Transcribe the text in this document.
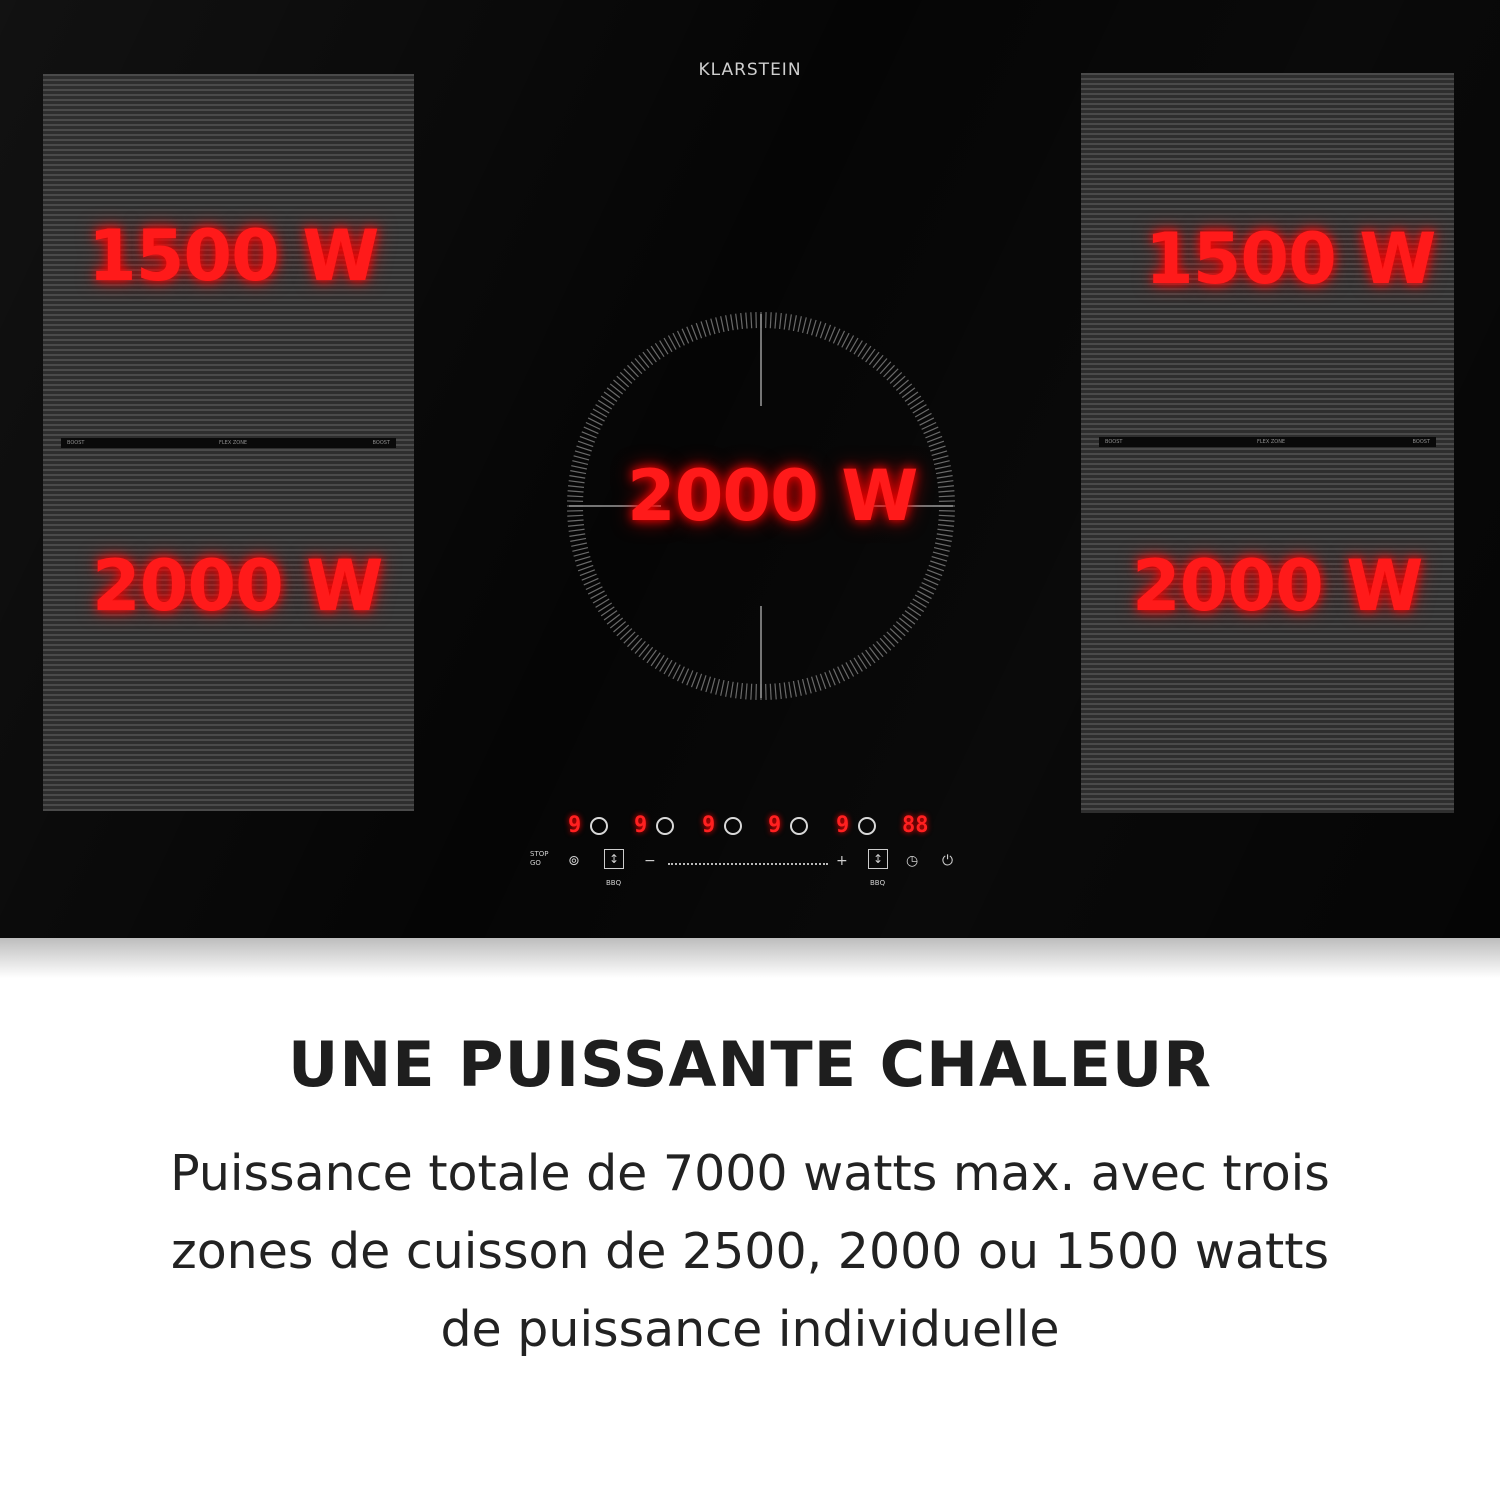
KLARSTEIN
BOOST	FLEX ZONE	BOOST	BOOST	FLEX ZONE	BOOST
1500 W
2000 W
2000 W
1500 W
2000 W
9 9 9 9 9 88
STOP
GO	⊚	↕
BBQ
−	+	↕
BBQ
◷ ⏻
UNE PUISSANTE CHALEUR
Puissance totale de 7000 watts max. avec trois
zones de cuisson de 2500, 2000 ou 1500 watts
de puissance individuelle
